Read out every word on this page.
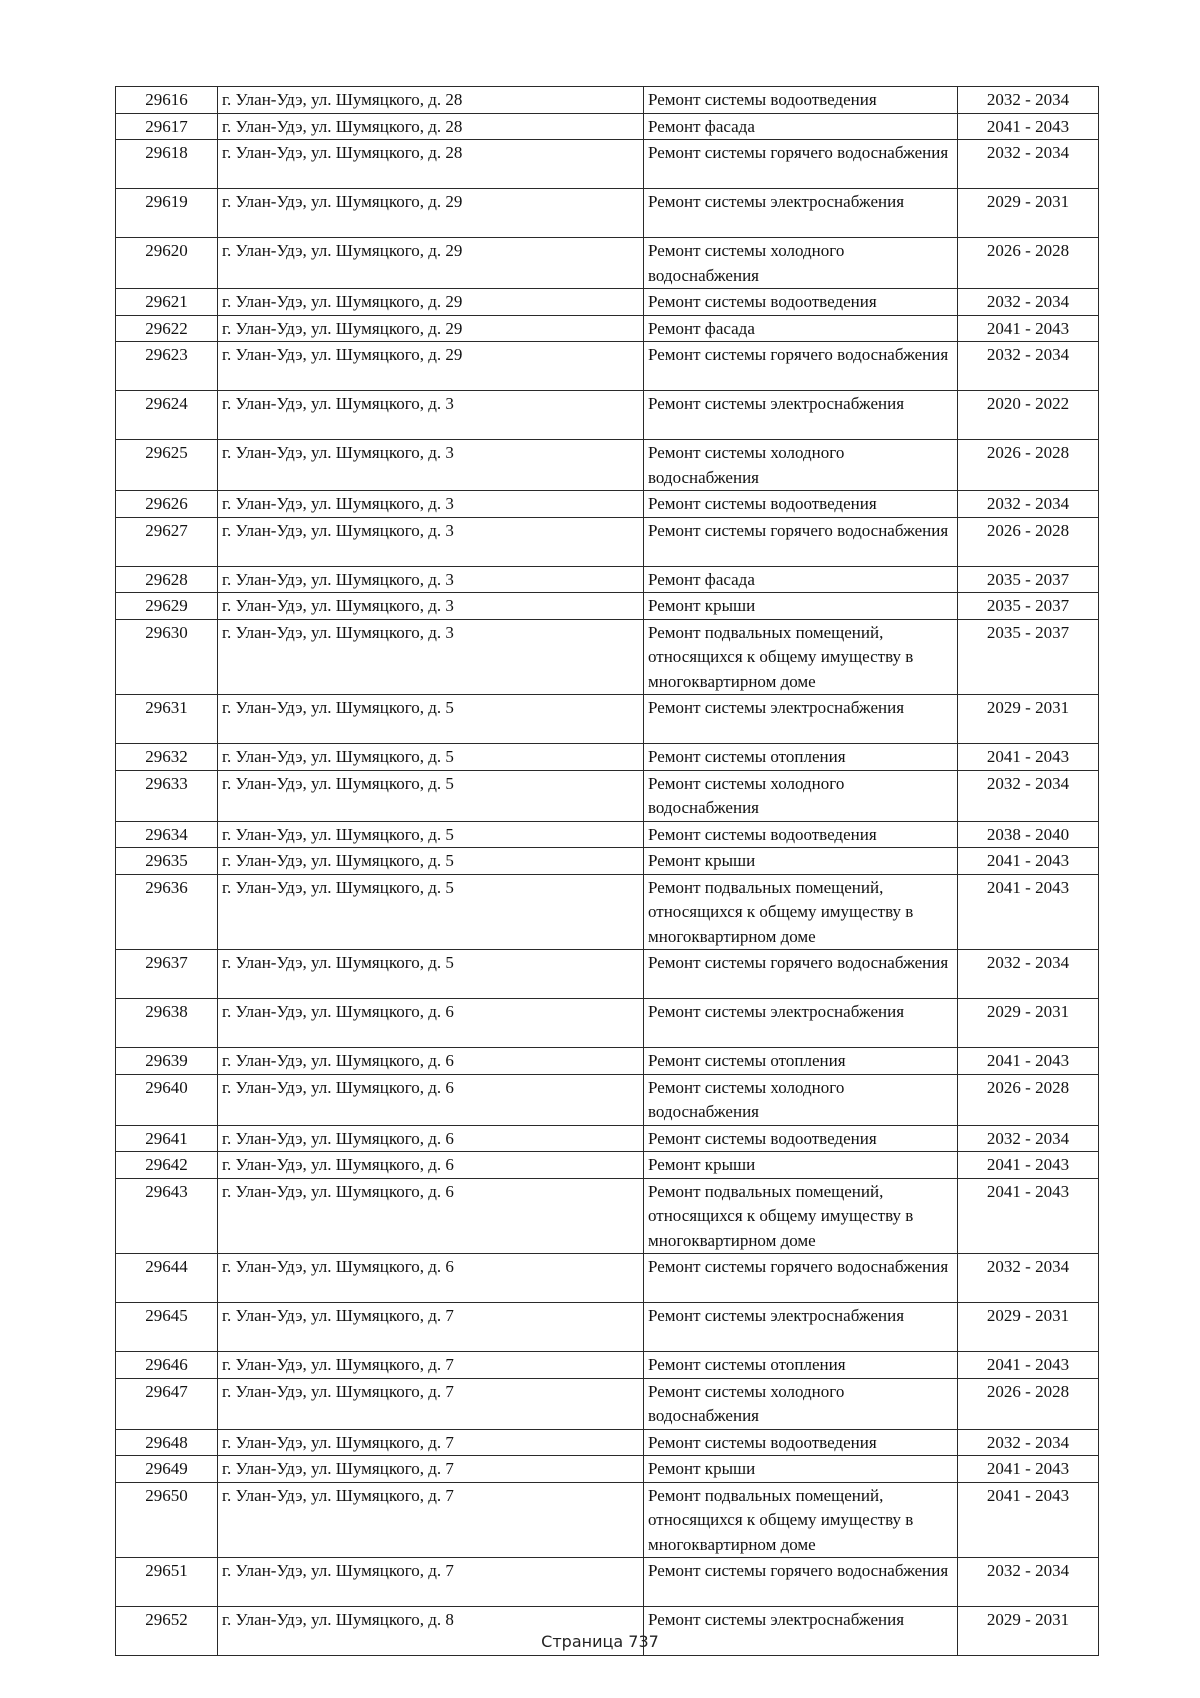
29616	г. Улан-Удэ, ул. Шумяцкого, д. 28	Ремонт системы водоотведения	2032 - 2034
29617	г. Улан-Удэ, ул. Шумяцкого, д. 28	Ремонт фасада	2041 - 2043
29618	г. Улан-Удэ, ул. Шумяцкого, д. 28	Ремонт системы горячего водоснабжения	2032 - 2034
29619	г. Улан-Удэ, ул. Шумяцкого, д. 29	Ремонт системы электроснабжения	2029 - 2031
29620	г. Улан-Удэ, ул. Шумяцкого, д. 29	Ремонт системы холодного водоснабжения	2026 - 2028
29621	г. Улан-Удэ, ул. Шумяцкого, д. 29	Ремонт системы водоотведения	2032 - 2034
29622	г. Улан-Удэ, ул. Шумяцкого, д. 29	Ремонт фасада	2041 - 2043
29623	г. Улан-Удэ, ул. Шумяцкого, д. 29	Ремонт системы горячего водоснабжения	2032 - 2034
29624	г. Улан-Удэ, ул. Шумяцкого, д. 3	Ремонт системы электроснабжения	2020 - 2022
29625	г. Улан-Удэ, ул. Шумяцкого, д. 3	Ремонт системы холодного водоснабжения	2026 - 2028
29626	г. Улан-Удэ, ул. Шумяцкого, д. 3	Ремонт системы водоотведения	2032 - 2034
29627	г. Улан-Удэ, ул. Шумяцкого, д. 3	Ремонт системы горячего водоснабжения	2026 - 2028
29628	г. Улан-Удэ, ул. Шумяцкого, д. 3	Ремонт фасада	2035 - 2037
29629	г. Улан-Удэ, ул. Шумяцкого, д. 3	Ремонт крыши	2035 - 2037
29630	г. Улан-Удэ, ул. Шумяцкого, д. 3	Ремонт подвальных помещений, относящихся к общему имуществу в многоквартирном доме	2035 - 2037
29631	г. Улан-Удэ, ул. Шумяцкого, д. 5	Ремонт системы электроснабжения	2029 - 2031
29632	г. Улан-Удэ, ул. Шумяцкого, д. 5	Ремонт системы отопления	2041 - 2043
29633	г. Улан-Удэ, ул. Шумяцкого, д. 5	Ремонт системы холодного водоснабжения	2032 - 2034
29634	г. Улан-Удэ, ул. Шумяцкого, д. 5	Ремонт системы водоотведения	2038 - 2040
29635	г. Улан-Удэ, ул. Шумяцкого, д. 5	Ремонт крыши	2041 - 2043
29636	г. Улан-Удэ, ул. Шумяцкого, д. 5	Ремонт подвальных помещений, относящихся к общему имуществу в многоквартирном доме	2041 - 2043
29637	г. Улан-Удэ, ул. Шумяцкого, д. 5	Ремонт системы горячего водоснабжения	2032 - 2034
29638	г. Улан-Удэ, ул. Шумяцкого, д. 6	Ремонт системы электроснабжения	2029 - 2031
29639	г. Улан-Удэ, ул. Шумяцкого, д. 6	Ремонт системы отопления	2041 - 2043
29640	г. Улан-Удэ, ул. Шумяцкого, д. 6	Ремонт системы холодного водоснабжения	2026 - 2028
29641	г. Улан-Удэ, ул. Шумяцкого, д. 6	Ремонт системы водоотведения	2032 - 2034
29642	г. Улан-Удэ, ул. Шумяцкого, д. 6	Ремонт крыши	2041 - 2043
29643	г. Улан-Удэ, ул. Шумяцкого, д. 6	Ремонт подвальных помещений, относящихся к общему имуществу в многоквартирном доме	2041 - 2043
29644	г. Улан-Удэ, ул. Шумяцкого, д. 6	Ремонт системы горячего водоснабжения	2032 - 2034
29645	г. Улан-Удэ, ул. Шумяцкого, д. 7	Ремонт системы электроснабжения	2029 - 2031
29646	г. Улан-Удэ, ул. Шумяцкого, д. 7	Ремонт системы отопления	2041 - 2043
29647	г. Улан-Удэ, ул. Шумяцкого, д. 7	Ремонт системы холодного водоснабжения	2026 - 2028
29648	г. Улан-Удэ, ул. Шумяцкого, д. 7	Ремонт системы водоотведения	2032 - 2034
29649	г. Улан-Удэ, ул. Шумяцкого, д. 7	Ремонт крыши	2041 - 2043
29650	г. Улан-Удэ, ул. Шумяцкого, д. 7	Ремонт подвальных помещений, относящихся к общему имуществу в многоквартирном доме	2041 - 2043
29651	г. Улан-Удэ, ул. Шумяцкого, д. 7	Ремонт системы горячего водоснабжения	2032 - 2034
29652	г. Улан-Удэ, ул. Шумяцкого, д. 8	Ремонт системы электроснабжения	2029 - 2031
Страница 737
